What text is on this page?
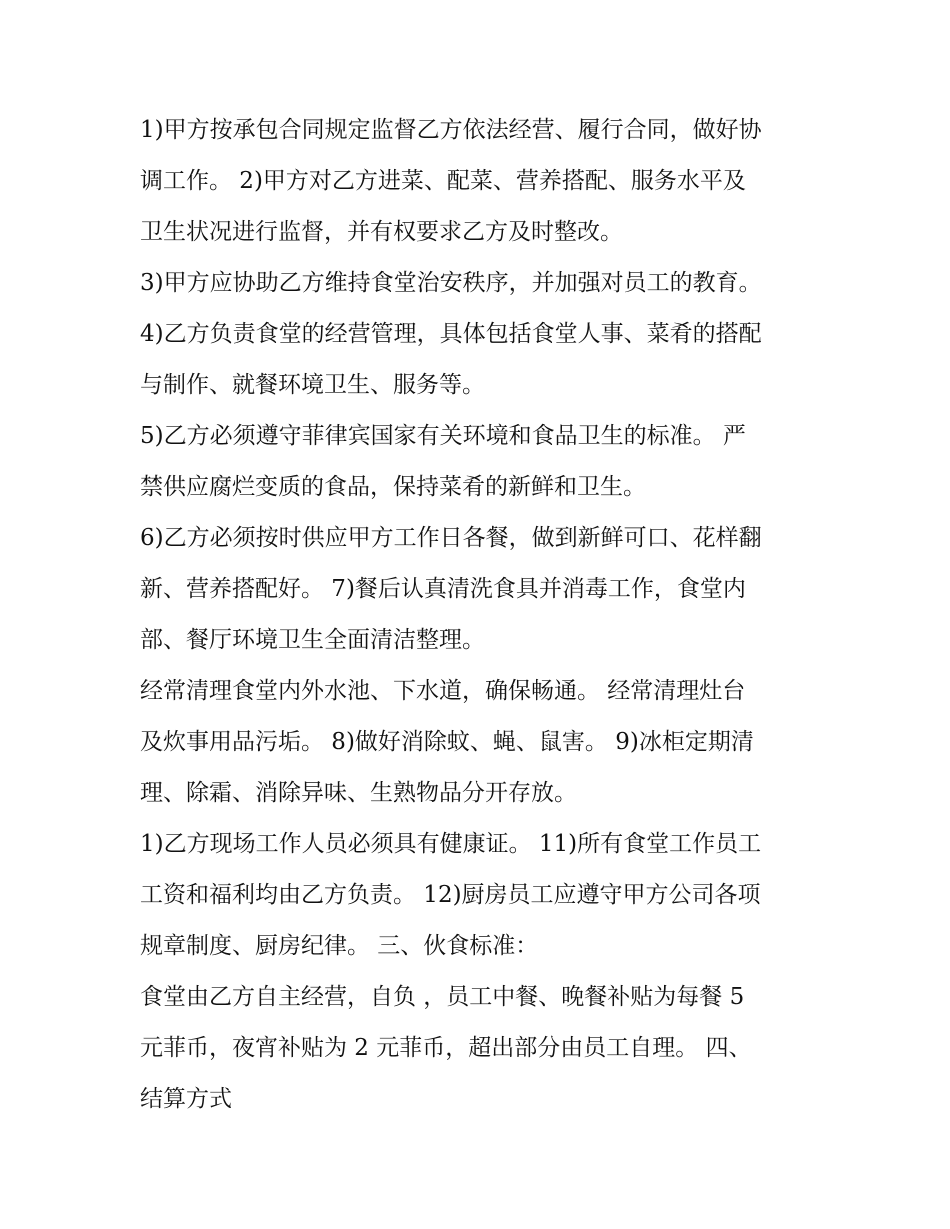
1)甲方按承包合同规定监督乙方依法经营、履行合同，做好协
调工作。 2)甲方对乙方进菜、配菜、营养搭配、服务水平及
卫生状况进行监督，并有权要求乙方及时整改。
3)甲方应协助乙方维持食堂治安秩序，并加强对员工的教育。
4)乙方负责食堂的经营管理，具体包括食堂人事、菜肴的搭配
与制作、就餐环境卫生、服务等。
5)乙方必须遵守菲律宾国家有关环境和食品卫生的标准。 严
禁供应腐烂变质的食品，保持菜肴的新鲜和卫生。
6)乙方必须按时供应甲方工作日各餐，做到新鲜可口、花样翻
新、营养搭配好。 7)餐后认真清洗食具并消毒工作，食堂内
部、餐厅环境卫生全面清洁整理。
经常清理食堂内外水池、下水道，确保畅通。 经常清理灶台
及炊事用品污垢。 8)做好消除蚊、蝇、鼠害。 9)冰柜定期清
理、除霜、消除异味、生熟物品分开存放。
1)乙方现场工作人员必须具有健康证。 11)所有食堂工作员工
工资和福利均由乙方负责。 12)厨房员工应遵守甲方公司各项
规章制度、厨房纪律。 三、伙食标准：
食堂由乙方自主经营，自负 ，员工中餐、晚餐补贴为每餐 5
元菲币，夜宵补贴为 2 元菲币，超出部分由员工自理。 四、
结算方式
